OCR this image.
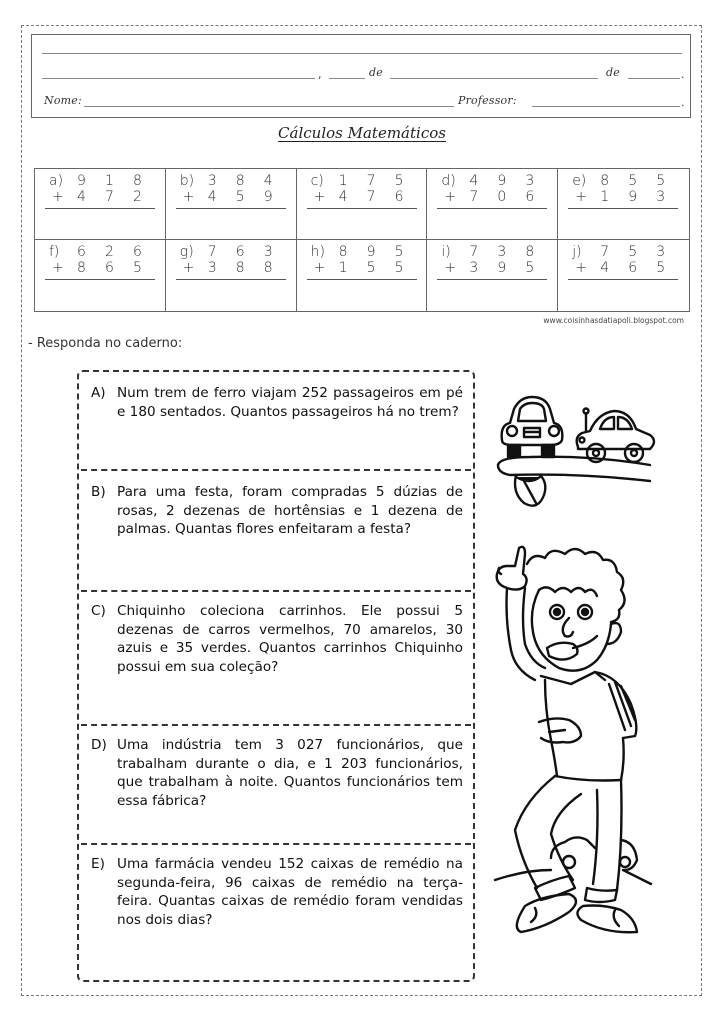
,	de	de	.
Nome:	Professor:	.
Cálculos Matemáticos
a) 9	1	8
+ 4	7	2
b) 3	8	4
+ 4	5	9
c)	1	7	5
+ 4	7	6
d) 4	9	3
+ 7	0	6
e) 8	5	5
+ 1	9	3
f)	6	2	6
+ 8	6	5
g)	7	6	3
+ 3	8	8
h) 8	9	5
+ 1	5	5
i)	7	3	8
+ 3	9	5
j)	7	5	3
+ 4	6	5
www.coisinhasdatiapoli.blogspot.com
- Responda no caderno:
A) Num trem de ferro viajam 252 passageiros em pé e 180 sentados. Quantos passageiros há no trem?
B) Para uma festa, foram compradas 5 dúzias de rosas, 2 dezenas de hortênsias e 1 dezena de palmas. Quantas flores enfeitaram a festa?
C) Chiquinho coleciona carrinhos. Ele possui 5 dezenas de carros vermelhos, 70 amarelos, 30 azuis e 35 verdes. Quantos carrinhos Chiquinho possui em sua coleção?
D) Uma indústria tem 3 027 funcionários, que trabalham durante o dia, e 1 203 funcionários, que trabalham à noite. Quantos funcionários tem essa fábrica?
E) Uma farmácia vendeu 152 caixas de remédio na segunda-feira, 96 caixas de remédio na terça-feira. Quantas caixas de remédio foram vendidas nos dois dias?
